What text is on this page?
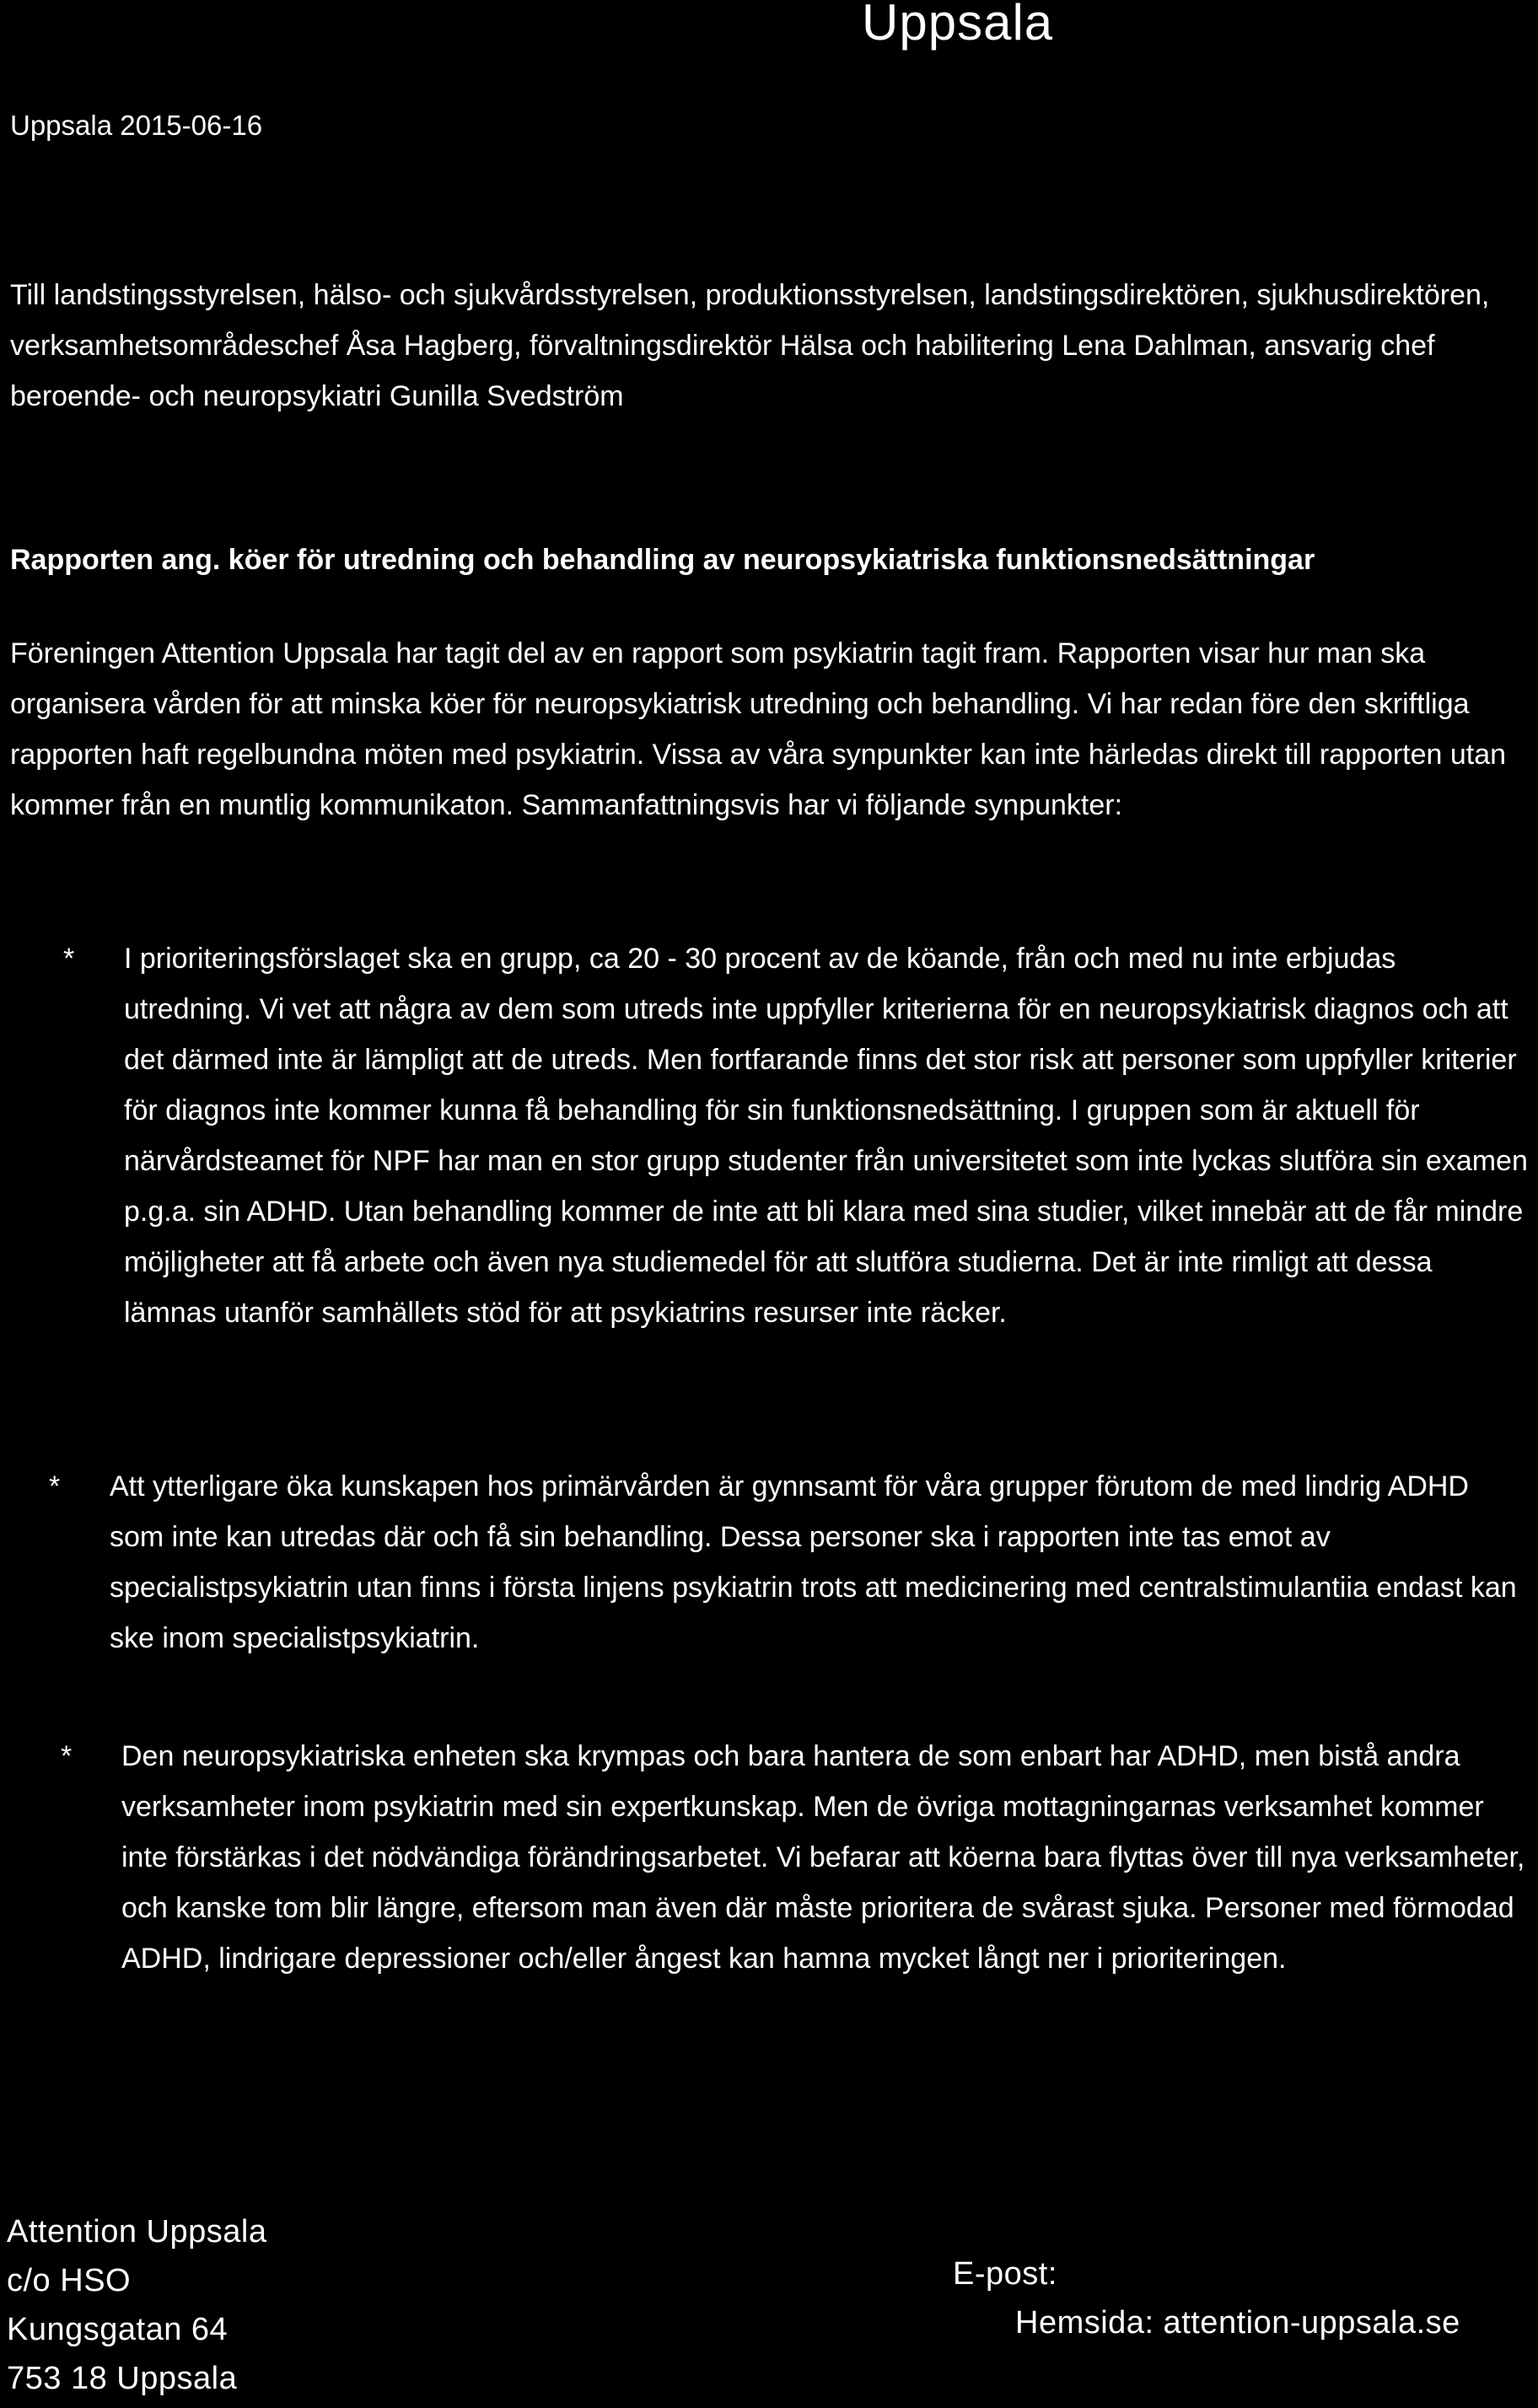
Uppsala
Uppsala 2015-06-16

Till landstingsstyrelsen, hälso- och sjukvårdsstyrelsen, produktionsstyrelsen, landstingsdirektören, sjukhusdirektören, verksamhetsområdeschef Åsa Hagberg, förvaltningsdirektör Hälsa och habilitering Lena Dahlman, ansvarig chef beroende- och neuropsykiatri Gunilla Svedström

Rapporten ang. köer för utredning och behandling av neuropsykiatriska funktionsnedsättningar

Föreningen Attention Uppsala har tagit del av en rapport som psykiatrin tagit fram. Rapporten visar hur man ska organisera vården för att minska köer för neuropsykiatrisk utredning och behandling. Vi har redan före den skriftliga rapporten haft regelbundna möten med psykiatrin. Vissa av våra synpunkter kan inte härledas direkt till rapporten utan kommer från en muntlig kommunikaton. Sammanfattningsvis har vi följande synpunkter:

* I prioriteringsförslaget ska en grupp, ca 20 - 30 procent av de köande, från och med nu inte erbjudas utredning. Vi vet att några av dem som utreds inte uppfyller kriterierna för en neuropsykiatrisk diagnos och att det därmed inte är lämpligt att de utreds. Men fortfarande finns det stor risk att personer som uppfyller kriterier för diagnos inte kommer kunna få behandling för sin funktionsnedsättning. I gruppen som är aktuell för närvårdsteamet för NPF har man en stor grupp studenter från universitetet som inte lyckas slutföra sin examen p.g.a. sin ADHD. Utan behandling kommer de inte att bli klara med sina studier, vilket innebär att de får mindre möjligheter att få arbete och även nya studiemedel för att slutföra studierna. Det är inte rimligt att dessa lämnas utanför samhällets stöd för att psykiatrins resurser inte räcker.
* Att ytterligare öka kunskapen hos primärvården är gynnsamt för våra grupper förutom de med lindrig ADHD som inte kan utredas där och få sin behandling. Dessa personer ska i rapporten inte tas emot av specialistpsykiatrin utan finns i första linjens psykiatrin trots att medicinering med centralstimulantiia endast kan ske inom specialistpsykiatrin.
* Den neuropsykiatriska enheten ska krympas och bara hantera de som enbart har ADHD, men bistå andra verksamheter inom psykiatrin med sin expertkunskap. Men de övriga mottagningarnas verksamhet kommer inte förstärkas i det nödvändiga förändringsarbetet. Vi befarar att köerna bara flyttas över till nya verksamheter, och kanske tom blir längre, eftersom man även där måste prioritera de svårast sjuka. Personer med förmodad ADHD, lindrigare depressioner och/eller ångest kan hamna mycket långt ner i prioriteringen.
Attention Uppsala
c/o HSO
Kungsgatan 64
753 18 Uppsala
E-post:
Hemsida: attention-uppsala.se
